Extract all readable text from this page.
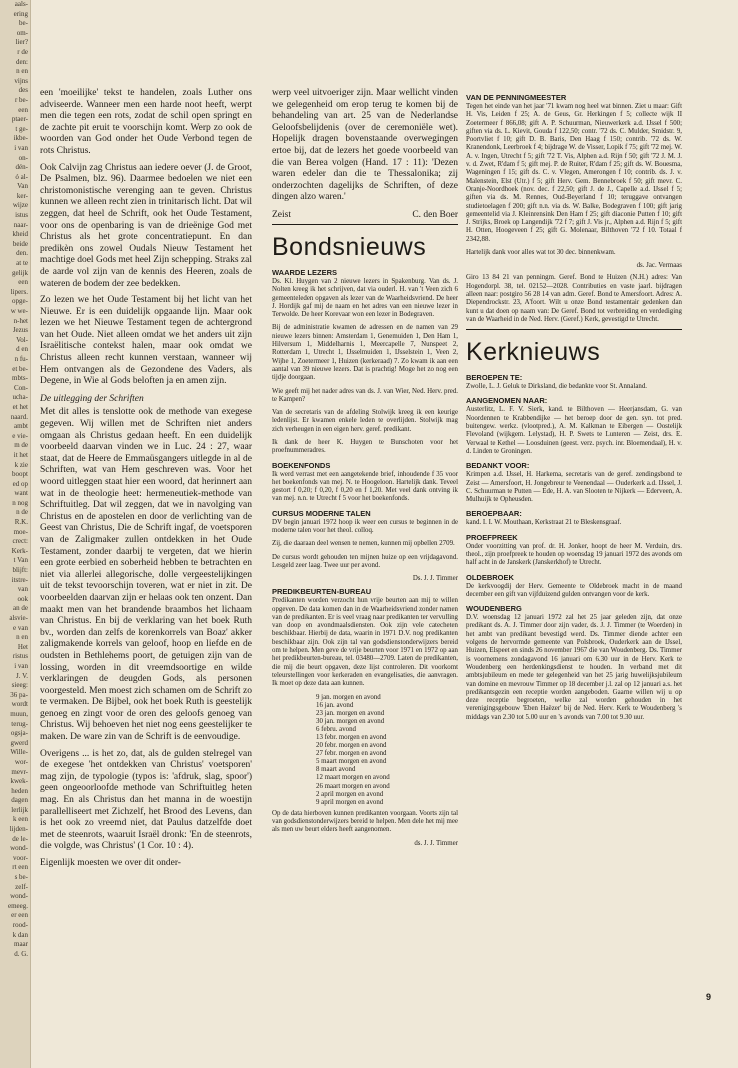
aals-
ering
be-
om-
lier?
r de
den:
n en
vijns
des
r be-
een
ptaer-
t ge-
ikbe-
i van
on-
dén-
ó al-
Van
ker-
wijze
istus
naar-
kheid
beide
den.
at te
gelijk
een
lipers.
opge-
w we-
n-het
Jezus
Vol-
d en
n fu-
et be-
mbts-
Con-
ucha-
et het
naard.
ambt
e vie-
m de
it het
k zie
boopt
ed op
want
n nog
n de
R.K.
moe-
crect:
Kerk-
t Van
blijft:
itstre-
van
ook
an de
alsvie-
e van
n en
Het
ristus
i van
J. V.
sieeg:
36 pa-
wordt
muun,
terug-
ogsja-
gwerd
Wille-
wor-
mevr-
kwek-
heden
dagen
lerlijk
k een
lijden-
de le-
wond-
voor-
rt een
s be-
zelf-
wond-
emeeg.
er een
rood-
k dan
maar
d. G.

een 'moeilijke' tekst te handelen, zoals Luther ons adviseerde. Wanneer men een harde noot heeft, werpt men die tegen een rots, zodat de schil open springt en de zachte pit eruit te voorschijn komt. Werp zo ook de woorden van God onder het Oude Verbond tegen de rots Christus.

Ook Calvijn zag Christus aan iedere oever (J. de Groot, De Psalmen, blz. 96). Daarmee bedoelen we niet een christomonistische verenging aan te geven. Christus kunnen we alleen recht zien in trinitarisch licht. Dat wil zeggen, dat heel de Schrift, ook het Oude Testament, voor ons de openbaring is van de drieënige God met Christus als het grote concentratiepunt. En dan predikèn ons zowel Oudals Nieuw Testament het machtige doel Gods met heel Zijn schepping. Straks zal de aarde vol zijn van de kennis des Heeren, zoals de wateren de bodem der zee bedekken.

Zo lezen we het Oude Testament bij het licht van het Nieuwe. Er is een duidelijk opgaande lijn. Maar ook lezen we het Nieuwe Testament tegen de achtergrond van het Oude. Niet alleen omdat we het anders uit zijn Israëlitische contekst halen, maar ook omdat we Christus alleen recht kunnen verstaan, wanneer wij Hem ontvangen als de Gezondene des Vaders, als Degene, in Wie al Gods beloften ja en amen zijn.

De uitlegging der Schriften

Met dit alles is tenslotte ook de methode van exegese gegeven. Wij willen met de Schriften niet anders omgaan als Christus gedaan heeft. En een duidelijk voorbeeld daarvan vinden we in Luc. 24 : 27, waar staat, dat de Heere de Emmaüsgangers uitlegde in al de Schriften, wat van Hem geschreven was. Voor het woord uitleggen staat hier een woord, dat herinnert aan wat in de theologie heet: hermeneutiek-methode van Schriftuitleg. Dat wil zeggen, dat we in navolging van Christus en de apostelen en door de verlichting van de Geest van Christus, Die de Schrift ingaf, de voetsporen van de Zaligmaker zullen ontdekken in het Oude Testament, zonder daarbij te vergeten, dat we hierin een grote eerbied en soberheid hebben te betrachten en niet via allerlei allegorische, dolle vergeestelijkingen uit de tekst tevoorschijn toveren, wat er niet in zit. De voorbeelden daarvan zijn er helaas ook ten onzent. Dan maakt men van het brandende braambos het lichaam van Christus. En bij de verklaring van het boek Ruth bv., worden dan zelfs de korenkorrels van Boaz' akker zaligmakende korrels van geloof, hoop en liefde en de oudsten in Bethlehems poort, de getuigen zijn van de lossing, worden in dit vreemdsoortige en wilde verklaringen de deugden Gods, als personen voorgesteld. Men moest zich schamen om de Schrift zo te vermaken. De Bijbel, ook het boek Ruth is geestelijk genoeg en zingt voor de oren des geloofs genoeg van Christus. Wij behoeven het niet nog eens geestelijker te maken. De ware zin van de Schrift is de eenvoudige.

Overigens ... is het zo, dat, als de gulden stelregel van de exegese 'het ontdekken van Christus' voetsporen' mag zijn, de typologie (typos is: 'afdruk, slag, spoor') geen ongeoorloofde methode van Schriftuitleg heten mag. En als Christus dan het manna in de woestijn parallelliseert met Zichzelf, het Brood des Levens, dan is het ook zo vreemd niet, dat Paulus datzelfde doet met de steenrots, waaruit Israël dronk: 'En de steenrots, die volgde, was Christus' (1 Cor. 10 : 4).

Eigenlijk moesten we over dit onder-

werp veel uitvoeriger zijn. Maar wellicht vinden we gelegenheid om erop terug te komen bij de behandeling van art. 25 van de Nederlandse Geloofsbelijdenis (over de ceremoniële wet). Hopelijk dragen bovenstaande overwegingen ertoe bij, dat de lezers het goede voorbeeld van die van Berea volgen (Hand. 17 : 11): 'Dezen waren edeler dan die te Thessalonika; zij onderzochten dagelijks de Schriften, of deze dingen alzo waren.'

Zeist	C. den Boer
Bondsnieuws
WAARDE LEZERS

Ds. Kl. Huygen van 2 nieuwe lezers in Spakenburg. Van ds. J. Nolten kreeg ik het schrijven, dat via ouderl. H. van 't Veen zich 6 gemeenteleden opgaven als lezer van de Waarheidsvriend. De heer J. Hordijk gaf mij de naam en het adres van een nieuwe lezer in Terwolde. De heer Korevaar won een lezer in Bodegraven.

Bij de administratie kwamen de adressen en de namen van 29 nieuwe lezers binnen: Amsterdam 1, Genemuiden 1, Den Ham 1, Hilversum 1, Middelharnis 1, Meercapelle 7, Nunspeet 2, Rotterdam 1, Utrecht 1, IJsselmuiden 1, IJsselstein 1, Veen 2, Wijhe 1, Zoetermeer 1, Huizen (kerkeraad) 7. Zo kwam ik aan een aantal van 39 nieuwe lezers. Dat is prachtig! Moge het zo nog een tijdje doorgaan.

Wie geeft mij het nader adres van ds. J. van Wier, Ned. Herv. pred. te Kampen?

Van de secretaris van de afdeling Stolwijk kreeg ik een keurige ledenlijst. Er kwamen enkele leden te overlijden. Stolwijk mag zich verheugen in een eigen herv. geref. predikant.

Ik dank de heer K. Huygen te Bunschoten voor het proefnummeradres.

BOEKENFONDS

Ik werd verrast met een aangetekende brief, inhoudende f 35 voor het boekenfonds van mej. N. te Hoogeloon. Hartelijk dank. Teveel gestort f 0,20; f 0,20, f 0,20 en f 1,20. Met veel dank ontving ik van mej. n.n. te Utrecht f 5 voor het boekenfonds.

CURSUS MODERNE TALEN

DV begin januari 1972 hoop ik weer een cursus te beginnen in de moderne talen voor het theol. colloq.

Zij, die daaraan deel wensen te nemen, kunnen mij opbellen 2709.

De cursus wordt gehouden ten mijnen huize op een vrijdagavond. Lesgeld zeer laag. Twee uur per avond.

Ds. J. J. Timmer
PREDIKBEURTEN-BUREAU

Predikanten worden verzocht hun vrije beurten aan mij te willen opgeven. De data komen dan in de Waarheidsvriend zonder namen van de predikanten. Er is veel vraag naar predikanten ter vervulling van doop en avondmaalsdiensten. Ook zijn vele catecheten beschikbaar. Hierbij de data, waarin in 1971 D.V. nog predikanten beschikbaar zijn. Ook zijn tal van godsdienstonderwijzers bereid om te helpen. Men geve de vrije beurten voor 1971 en 1972 op aan het predikbeurten-bureau, tel. 03480—2709. Laten de predikanten, die mij die beurt opgaven, deze lijst controleren. Dit voorkomt teleurstellingen voor kerkeraden en evangelisaties, die aanvragen. Ik moet op deze data aan kunnen.

9 jan. morgen en avond
16 jan. avond
23 jan. morgen en avond
30 jan. morgen en avond
6 febru. avond
13 febr. morgen en avond
20 febr. morgen en avond
27 febr. morgen en avond
5 maart morgen en avond
8 maart avond
12 maart morgen en avond
26 maart morgen en avond
2 april morgen en avond
9 april morgen en avond

Op de data hierboven kunnen predikanten voorgaan. Voorts zijn tal van godsdienstonderwijzers bereid te helpen. Men dele het mij mee als men uw beurt elders heeft aangenomen.

ds. J. J. Timmer
VAN DE PENNINGMEESTER

Tegen het einde van het jaar '71 kwam nog heel wat binnen. Ziet u maar: Gift H. Vis, Leiden f 25; A. de Geus, Gr. Herkingen f 5; collecte wijk II Zoetermeer f 866,08; gift A. P. Schuurman, Nieuwerkerk a.d. IJssel f 500; giften via ds. L. Kievit, Gouda f 122,50; contr. '72 ds. C. Mulder, Smidstr. 9, Poortvliet f 10; gift D. B. Baris, Den Haag f 150; contrib. '72 ds. W. Kranendonk, Leerbroek f 4; bijdrage W. de Visser, Lopik f 75; gift '72 mej. W. A. v. Ingen, Utrecht f 5; gift '72 T. Vis, Alphen a.d. Rijn f 50; gift '72 J. M. J. v. d. Zwet, R'dam f 5; gift mej. P. de Ruiter, R'dam f 25; gift ds. W. Bouesma, Wageningen f 15; gift ds. C. v. Vlegen, Amerongen f 10; contrib. ds. J. v. Malenstein, Elst (Utr.) f 5; gift Herv. Gem. Bennebroek f 50; gift mevr. C. Oranje-Noordhoek (nov. dec. f 22,50; gift J. de J., Capelle a.d. IJssel f 5; giften via ds. M. Rennes, Oud-Beyerland f 10; teruggave ontvangen studietoelagen f 200; gift n.n. via ds. W. Balke, Bodegraven f 100; gift jarig gemeentelid via J. Kleinrensink Den Ham f 25; gift diaconie Putten f 10; gift J. Strijks, Broek op Langendijk '72 f 7; gift J. Vis jr., Alphen a.d. Rijn f 5; gift H. Otten, Hoogeveen f 25; gift G. Molenaar, Bilthoven '72 f 10. Totaal f 2342,88.

Hartelijk dank voor alles wat tot 30 dec. binnenkwam.

ds. Jac. Vermaas

Giro 13 84 21 van penningm. Geref. Bond te Huizen (N.H.) adres: Van Hogendorpl. 38, tel. 02152—2028. Contributies en vaste jaarl. bijdragen alleen naar: postgiro 56 28 14 van adm. Geref. Bond te Amersfoort. Adres: A. Diependrockstr. 23, A'foort. Wilt u onze Bond testamentair gedenken dan kunt u dat doen op naam van: De Geref. Bond tot verbreiding en verdediging van de Waarheid in de Ned. Herv. (Geref.) Kerk, gevestigd te Utrecht.

Kerknieuws
BEROEPEN TE:

Zwolle, L. J. Geluk te Dirksland, die bedankte voor St. Annaland.

AANGENOMEN NAAR:

Austerlitz, L. F. V. Sierk, kand. te Bilthoven — Heerjansdam, G. van Noordennen te Krabbendijke — het beroep door de gen. syn. tot pred. buitengew. werkz. (vlootpred.), A. M. Kalkman te Eibergen — Oostelijk Flevoland (wijkgem. Lelystad), H. P. Swets te Lunteren — Zeist, drs. E. Verwaal te Kethel — Loosduinen (geest. verz. psych. inr. Bloemendaal), H. v. d. Linden te Groningen.

BEDANKT VOOR:

Krimpen a.d. IJssel, H. Harkema, secretaris van de geref. zendingsbond te Zeist — Amersfoort, H. Jongebreur te Veenendaal — Ouderkerk a.d. IJssel, J. C. Schuurman te Putten — Ede, H. A. van Slooten te Nijkerk — Ederveen, A. Mulhuijk te Opheusden.

BEROEPBAAR:

kand. I. I. W. Mouthaan, Kerkstraat 21 te Bleskensgraaf.

PROEFPREEK

Onder voorzitting van prof. dr. H. Jonker, hoopt de heer M. Verduin, drs. theol., zijn proefpreek te houden op woensdag 19 januari 1972 des avonds om half acht in de Janskerk (Janskerkhof) te Utrecht.

OLDEBROEK

De kerkvoogdij der Herv. Gemeente te Oldebroek macht in de maand december een gift van vijfduizend gulden ontvangen voor de kerk.

WOUDENBERG

D.V. woensdag 12 januari 1972 zal het 25 jaar geleden zijn, dat onze predikant ds. A. J. Timmer door zijn vader, ds. J. J. Timmer (te Woerden) in het ambt van predikant bevestigd werd. Ds. Timmer diende achter een volgens de hervormde gemeente van Polsbroek, Ouderkerk aan de IJssel, Huizen, Elspeet en sinds 26 november 1967 die van Woudenberg. Ds. Timmer is voornemens zondagavond 16 januari om 6.30 uur in de Herv. Kerk te Woudenberg een herdenkingsdienst te houden. In verband met dit ambtsjubileum en mede ter gelegenheid van het 25 jarig huwelijksjubileum van domine en mevrouw Timmer op 18 december j.l. zal op 12 januari a.s. het predikantsgezin een receptie worden aangeboden. Gaarne willen wij u op deze receptie begroeten, welke zal worden gehouden in het verenigingsgebouw 'Eben Haëzer' bij de Ned. Herv. Kerk te Woudenberg 's middags van 2.30 tot 5.00 uur en 's avonds van 7.00 tot 9.30 uur.

9
